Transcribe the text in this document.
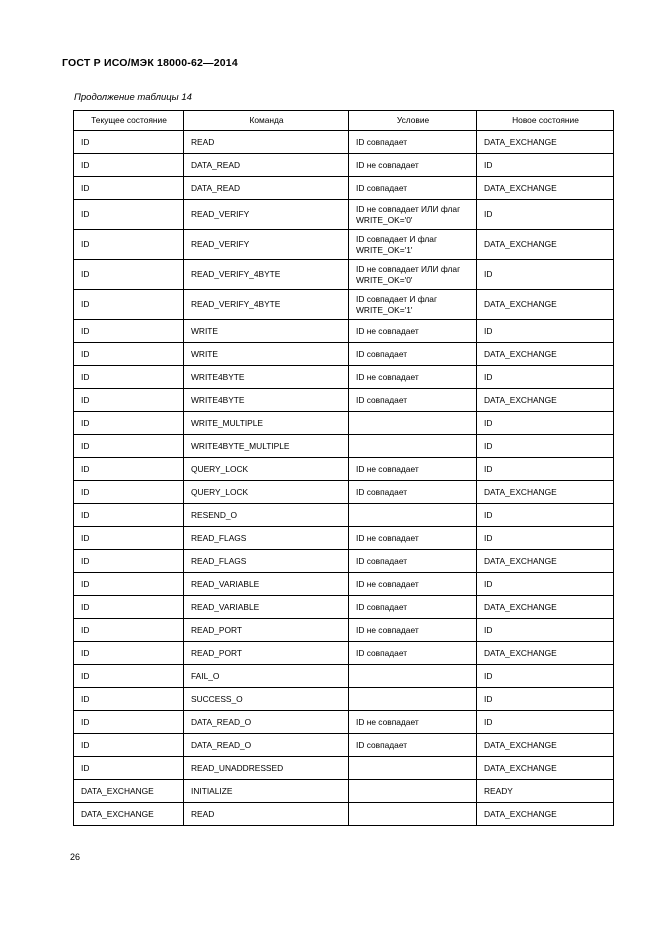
ГОСТ Р ИСО/МЭК 18000-62—2014
Продолжение таблицы 14
Текущее состояние	Команда	Условие	Новое состояние
ID	READ	ID совпадает	DATA_EXCHANGE
ID	DATA_READ	ID не совпадает	ID
ID	DATA_READ	ID совпадает	DATA_EXCHANGE
ID	READ_VERIFY	ID не совпадает ИЛИ флаг WRITE_OK='0'	ID
ID	READ_VERIFY	ID совпадает И флаг WRITE_OK='1'	DATA_EXCHANGE
ID	READ_VERIFY_4BYTE	ID не совпадает ИЛИ флаг WRITE_OK='0'	ID
ID	READ_VERIFY_4BYTE	ID совпадает И флаг WRITE_OK='1'	DATA_EXCHANGE
ID	WRITE	ID не совпадает	ID
ID	WRITE	ID совпадает	DATA_EXCHANGE
ID	WRITE4BYTE	ID не совпадает	ID
ID	WRITE4BYTE	ID совпадает	DATA_EXCHANGE
ID	WRITE_MULTIPLE		ID
ID	WRITE4BYTE_MULTIPLE		ID
ID	QUERY_LOCK	ID не совпадает	ID
ID	QUERY_LOCK	ID совпадает	DATA_EXCHANGE
ID	RESEND_O		ID
ID	READ_FLAGS	ID не совпадает	ID
ID	READ_FLAGS	ID совпадает	DATA_EXCHANGE
ID	READ_VARIABLE	ID не совпадает	ID
ID	READ_VARIABLE	ID совпадает	DATA_EXCHANGE
ID	READ_PORT	ID не совпадает	ID
ID	READ_PORT	ID совпадает	DATA_EXCHANGE
ID	FAIL_O		ID
ID	SUCCESS_O		ID
ID	DATA_READ_O	ID не совпадает	ID
ID	DATA_READ_O	ID совпадает	DATA_EXCHANGE
ID	READ_UNADDRESSED		DATA_EXCHANGE
DATA_EXCHANGE	INITIALIZE		READY
DATA_EXCHANGE	READ		DATA_EXCHANGE
26
